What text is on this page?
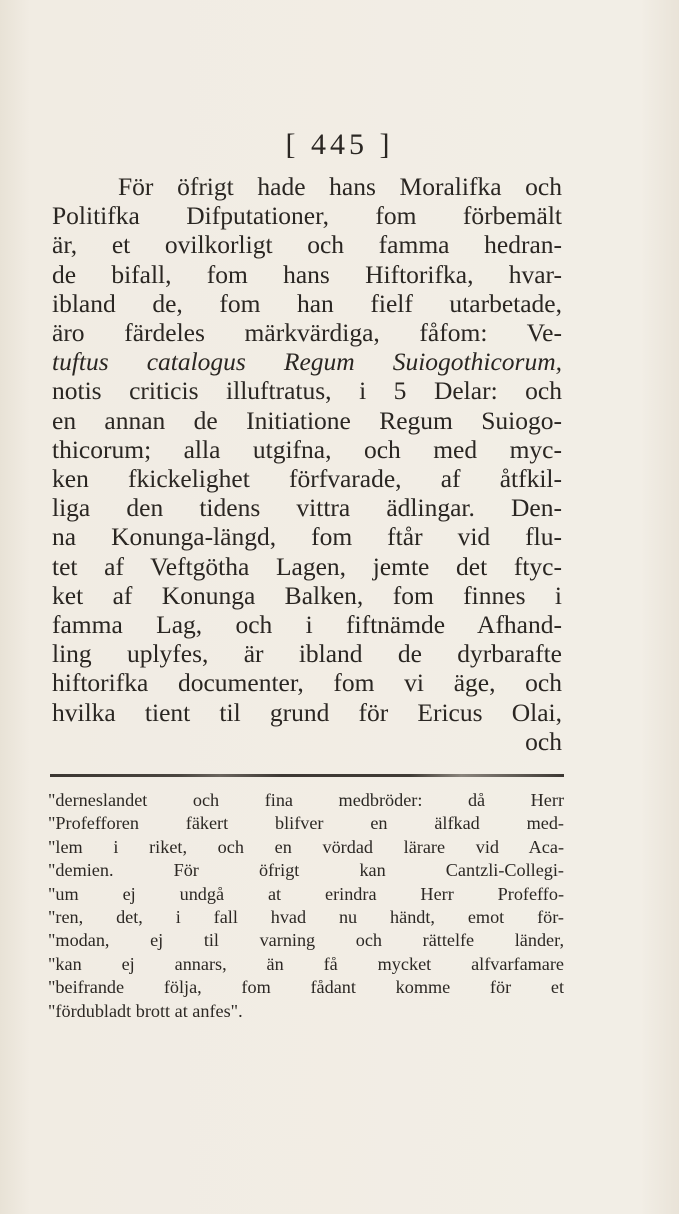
[ 445 ]
För öfrigt hade hans Moralifka och
Politifka Difputationer, fom förbemält
är, et ovilkorligt och famma hedran-
de bifall, fom hans Hiftorifka, hvar-
ibland de, fom han fielf utarbetade,
äro färdeles märkvärdiga, fåfom: Ve-
tuftus catalogus Regum Suiogothicorum,
notis criticis illuftratus, i 5 Delar: och
en annan de Initiatione Regum Suiogo-
thicorum; alla utgifna, och med myc-
ken fkickelighet förfvarade, af åtfkil-
liga den tidens vittra ädlingar. Den-
na Konunga-längd, fom ftår vid flu-
tet af Veftgötha Lagen, jemte det ftyc-
ket af Konunga Balken, fom finnes i
famma Lag, och i fiftnämde Afhand-
ling uplyfes, är ibland de dyrbarafte
hiftorifka documenter, fom vi äge, och
hvilka tient til grund för Ericus Olai,
och
"derneslandet och fina medbröder: då Herr
"Profefforen fäkert blifver en älfkad med-
"lem i riket, och en vördad lärare vid Aca-
"demien. För öfrigt kan Cantzli-Collegi-
"um ej undgå at erindra Herr Profeffo-
"ren, det, i fall hvad nu händt, emot för-
"modan, ej til varning och rättelfe länder,
"kan ej annars, än få mycket alfvarfamare
"beifrande följa, fom fådant komme för et
"fördubladt brott at anfes".
